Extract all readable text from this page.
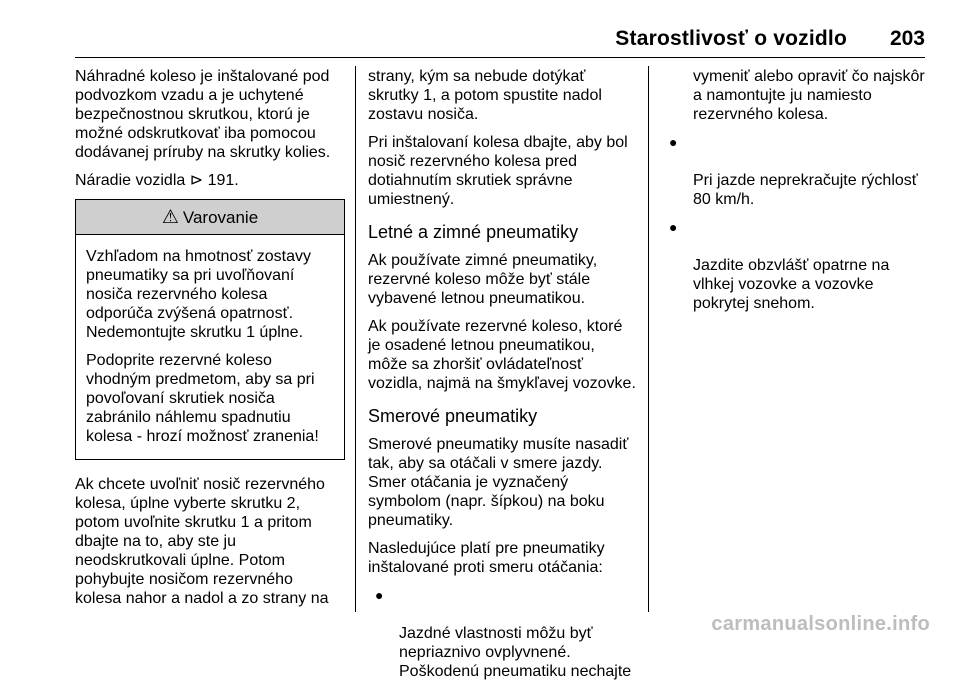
Starostlivosť o vozidlo 203

Náhradné koleso je inštalované pod
podvozkom vzadu a je uchytené
bezpečnostnou skrutkou, ktorú je
možné odskrutkovať iba pomocou
dodávanej príruby na skrutky kolies.

Náradie vozidla ⊳ 191.

⚠ Varovanie

Vzhľadom na hmotnosť zostavy
pneumatiky sa pri uvoľňovaní
nosiča rezervného kolesa
odporúča zvýšená opatrnosť.
Nedemontujte skrutku 1 úplne.

Podoprite rezervné koleso
vhodným predmetom, aby sa pri
povoľovaní skrutiek nosiča
zabránilo náhlemu spadnutiu
kolesa - hrozí možnosť zranenia!

Ak chcete uvoľniť nosič rezervného
kolesa, úplne vyberte skrutku 2,
potom uvoľnite skrutku 1 a pritom
dbajte na to, aby ste ju
neodskrutkovali úplne. Potom
pohybujte nosičom rezervného
kolesa nahor a nadol a zo strany na

strany, kým sa nebude dotýkať
skrutky 1, a potom spustite nadol
zostavu nosiča.

Pri inštalovaní kolesa dbajte, aby bol
nosič rezervného kolesa pred
dotiahnutím skrutiek správne
umiestnený.

Letné a zimné pneumatiky

Ak používate zimné pneumatiky,
rezervné koleso môže byť stále
vybavené letnou pneumatikou.

Ak používate rezervné koleso, ktoré
je osadené letnou pneumatikou,
môže sa zhoršiť ovládateľnosť
vozidla, najmä na šmykľavej vozovke.

Smerové pneumatiky

Smerové pneumatiky musíte nasadiť
tak, aby sa otáčali v smere jazdy.
Smer otáčania je vyznačený
symbolom (napr. šípkou) na boku
pneumatiky.

Nasledujúce platí pre pneumatiky
inštalované proti smeru otáčania:

●

Jazdné vlastnosti môžu byť
nepriaznivo ovplyvnené.
Poškodenú pneumatiku nechajte

vymeniť alebo opraviť čo najskôr
a namontujte ju namiesto
rezervného kolesa.

●

Pri jazde neprekračujte rýchlosť
80 km/h.

●

Jazdite obzvlášť opatrne na
vlhkej vozovke a vozovke
pokrytej snehom.

carmanualsonline.info
